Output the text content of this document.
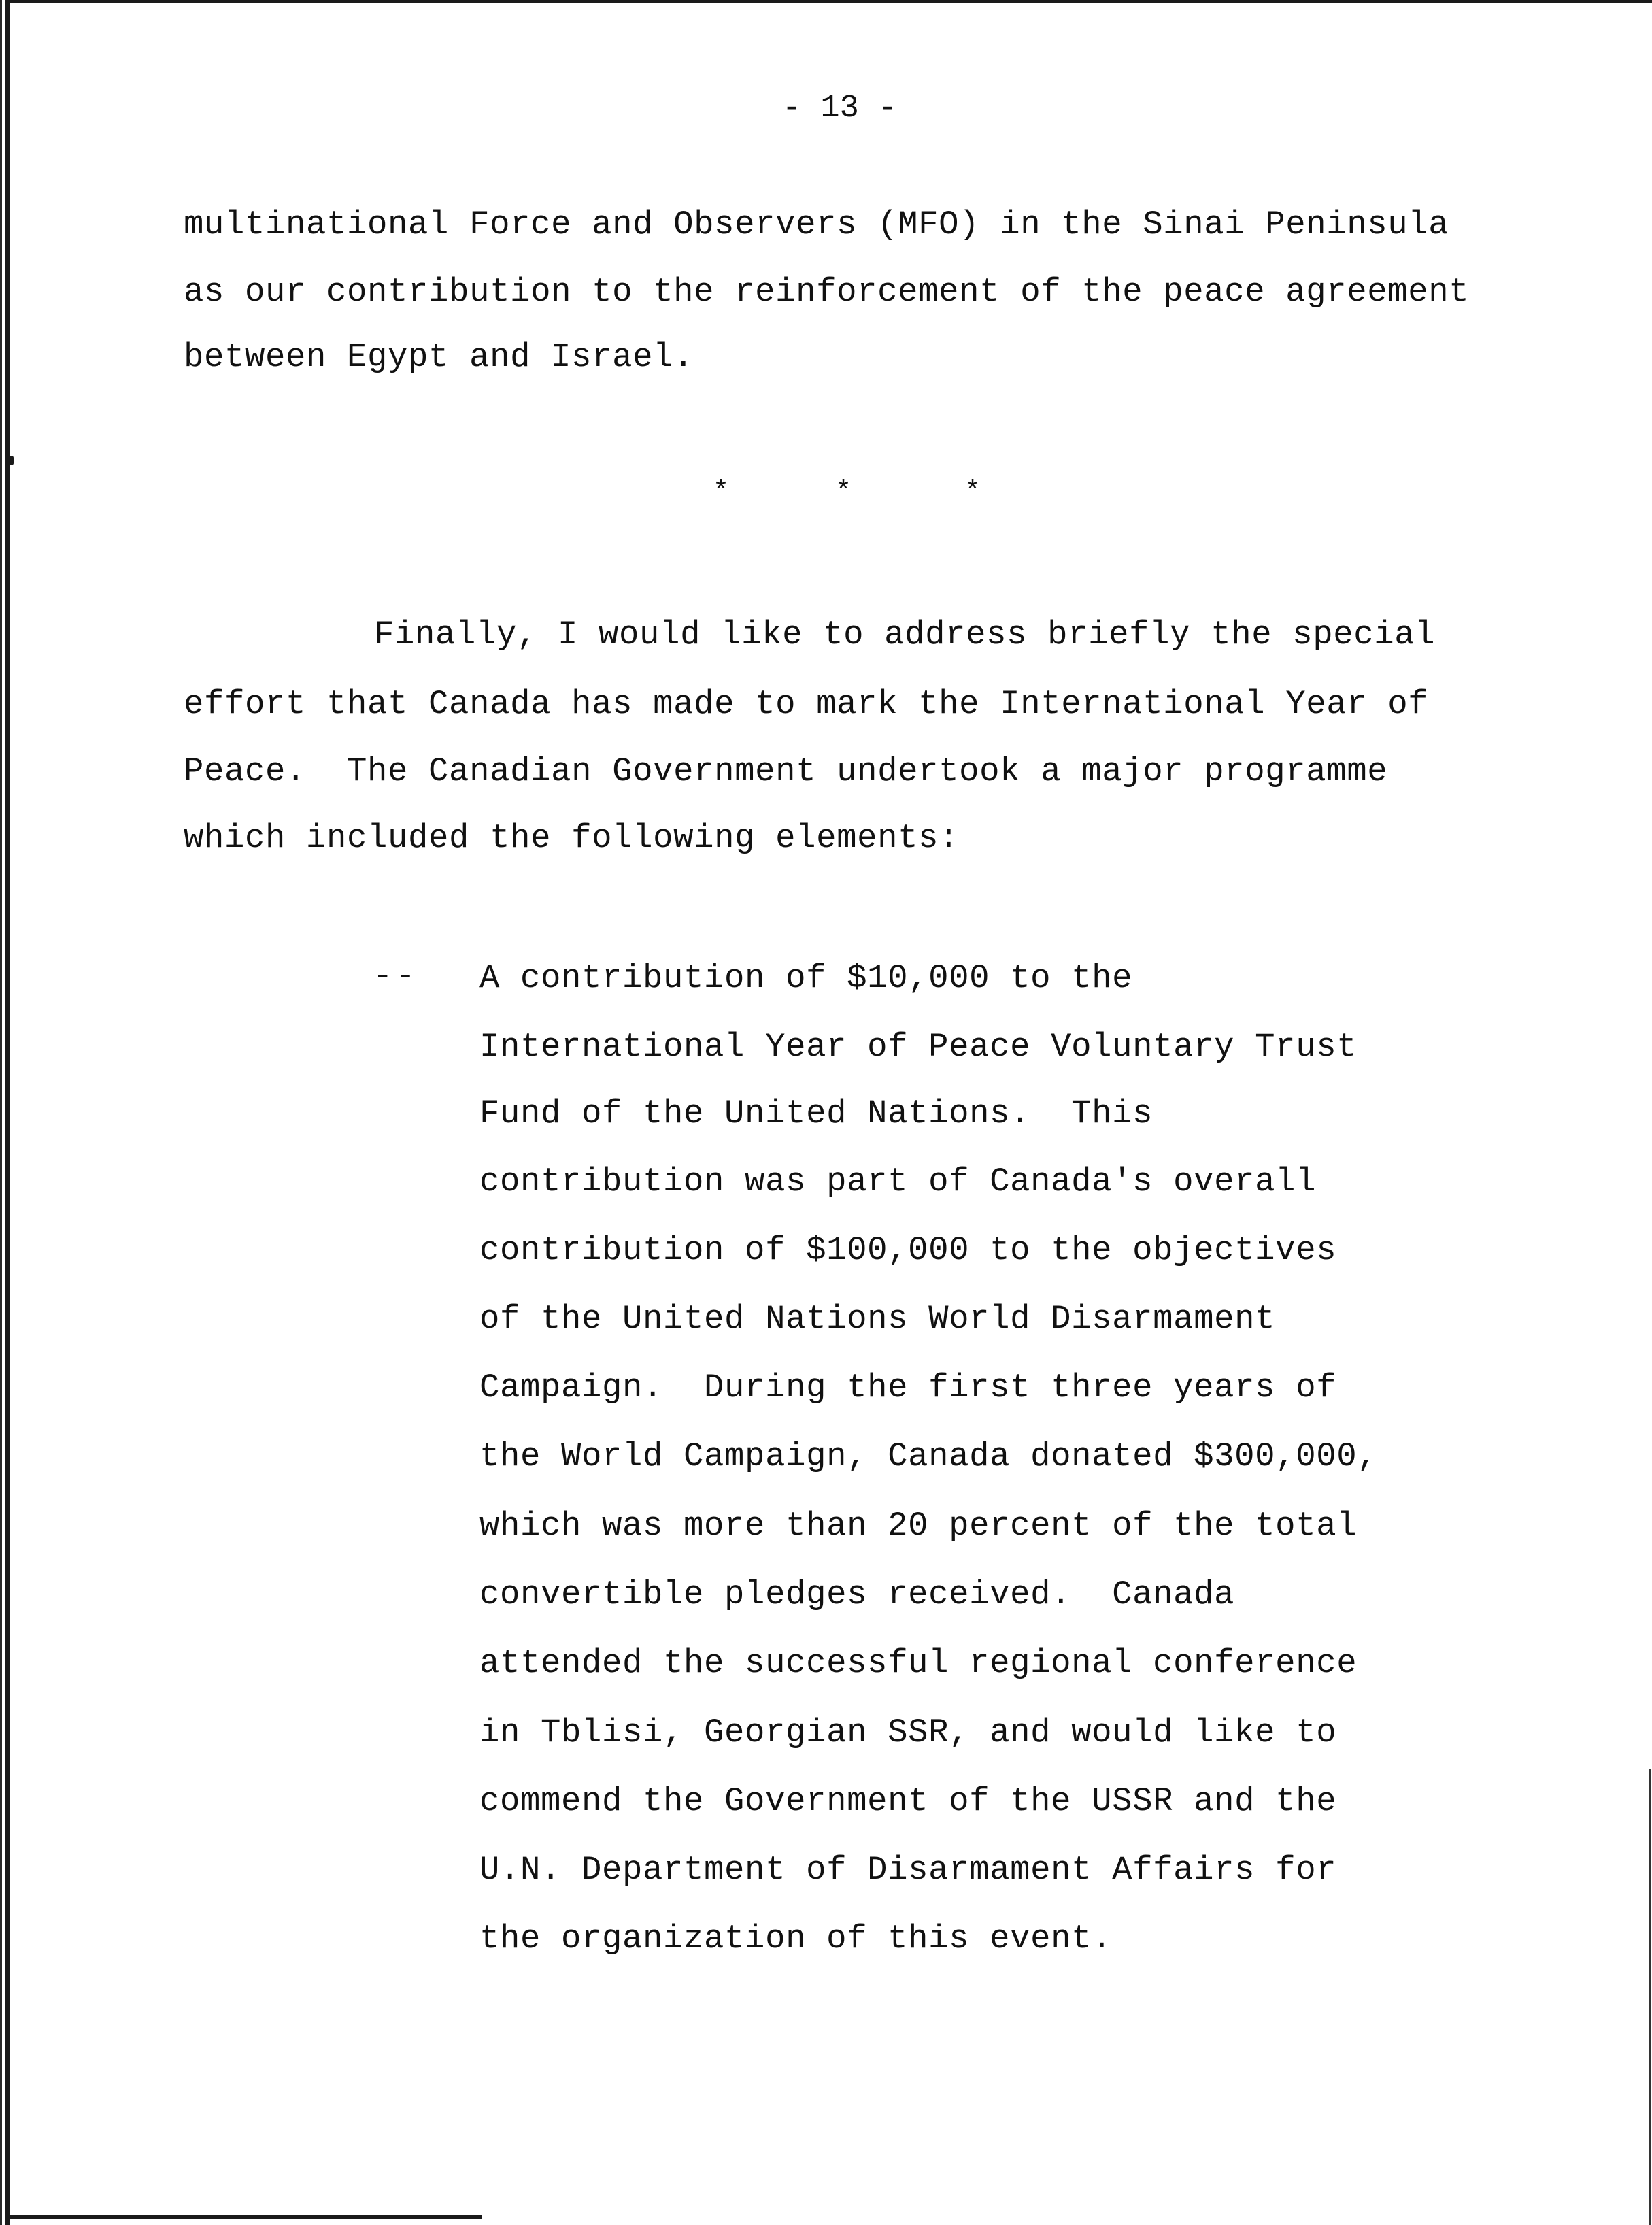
- 13 -
multinational Force and Observers (MFO) in the Sinai Peninsula
as our contribution to the reinforcement of the peace agreement
between Egypt and Israel.
*	*	*
Finally, I would like to address briefly the special
effort that Canada has made to mark the International Year of
Peace.  The Canadian Government undertook a major programme
which included the following elements:
-- A contribution of $10,000 to the
International Year of Peace Voluntary Trust
Fund of the United Nations.  This
contribution was part of Canada's overall
contribution of $100,000 to the objectives
of the United Nations World Disarmament
Campaign.  During the first three years of
the World Campaign, Canada donated $300,000,
which was more than 20 percent of the total
convertible pledges received.  Canada
attended the successful regional conference
in Tblisi, Georgian SSR, and would like to
commend the Government of the USSR and the
U.N. Department of Disarmament Affairs for
the organization of this event.
